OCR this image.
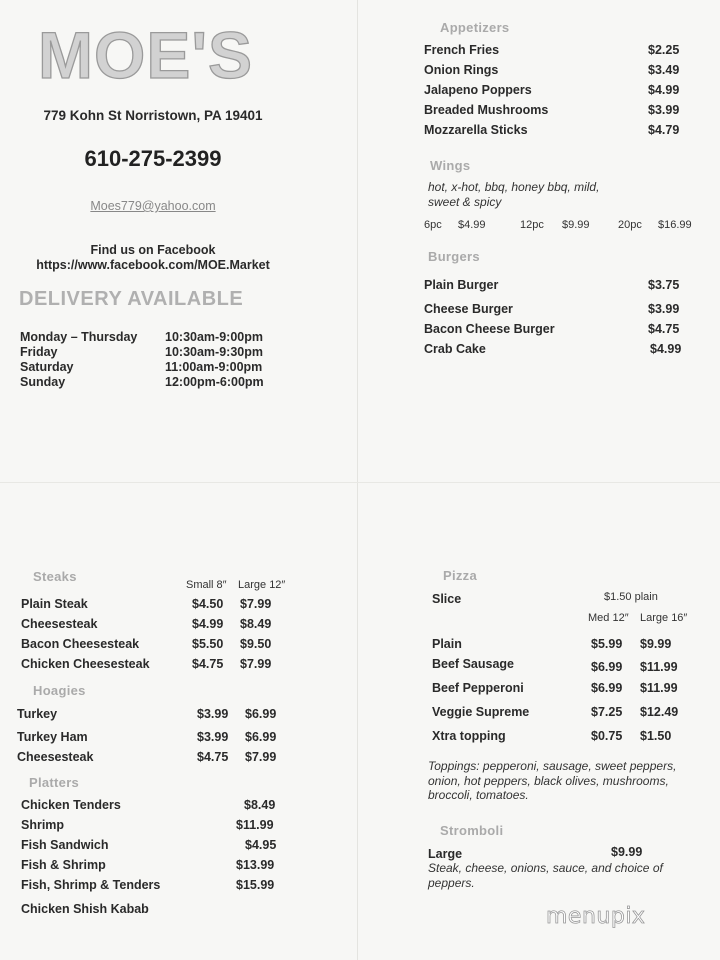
MOE'S
779 Kohn St Norristown, PA 19401
610-275-2399
Moes779@yahoo.com
Find us on Facebook
https://www.facebook.com/MOE.Market
DELIVERY AVAILABLE
Monday – Thursday	10:30am-9:00pm
Friday	10:30am-9:30pm
Saturday	11:00am-9:00pm
Sunday	12:00pm-6:00pm
Appetizers
French Fries	$2.25
Onion Rings	$3.49
Jalapeno Poppers	$4.99
Breaded Mushrooms	$3.99
Mozzarella Sticks	$4.79
Wings
hot, x-hot, bbq, honey bbq, mild, sweet & spicy
6pc $4.99	12pc $9.99	20pc $16.99
Burgers
Plain Burger	$3.75
Cheese Burger	$3.99
Bacon Cheese Burger	$4.75
Crab Cake	$4.99
Steaks
Small 8″ Large 12″
Plain Steak	$4.50 $7.99
Cheesesteak	$4.99 $8.49
Bacon Cheesesteak	$5.50 $9.50
Chicken Cheesesteak	$4.75 $7.99
Hoagies
Turkey	$3.99 $6.99
Turkey Ham	$3.99 $6.99
Cheesesteak	$4.75 $7.99
Platters
Chicken Tenders	$8.49
Shrimp	$11.99
Fish Sandwich	$4.95
Fish & Shrimp	$13.99
Fish, Shrimp & Tenders	$15.99
Chicken Shish Kabab
Pizza
Slice	$1.50 plain
Med 12″ Large 16″
Plain	$5.99 $9.99
Beef Sausage	$6.99 $11.99
Beef Pepperoni	$6.99 $11.99
Veggie Supreme	$7.25 $12.49
Xtra topping	$0.75 $1.50
Toppings: pepperoni, sausage, sweet peppers, onion, hot peppers, black olives, mushrooms, broccoli, tomatoes.
Stromboli
Large	$9.99
Steak, cheese, onions, sauce, and choice of peppers.
menupix
